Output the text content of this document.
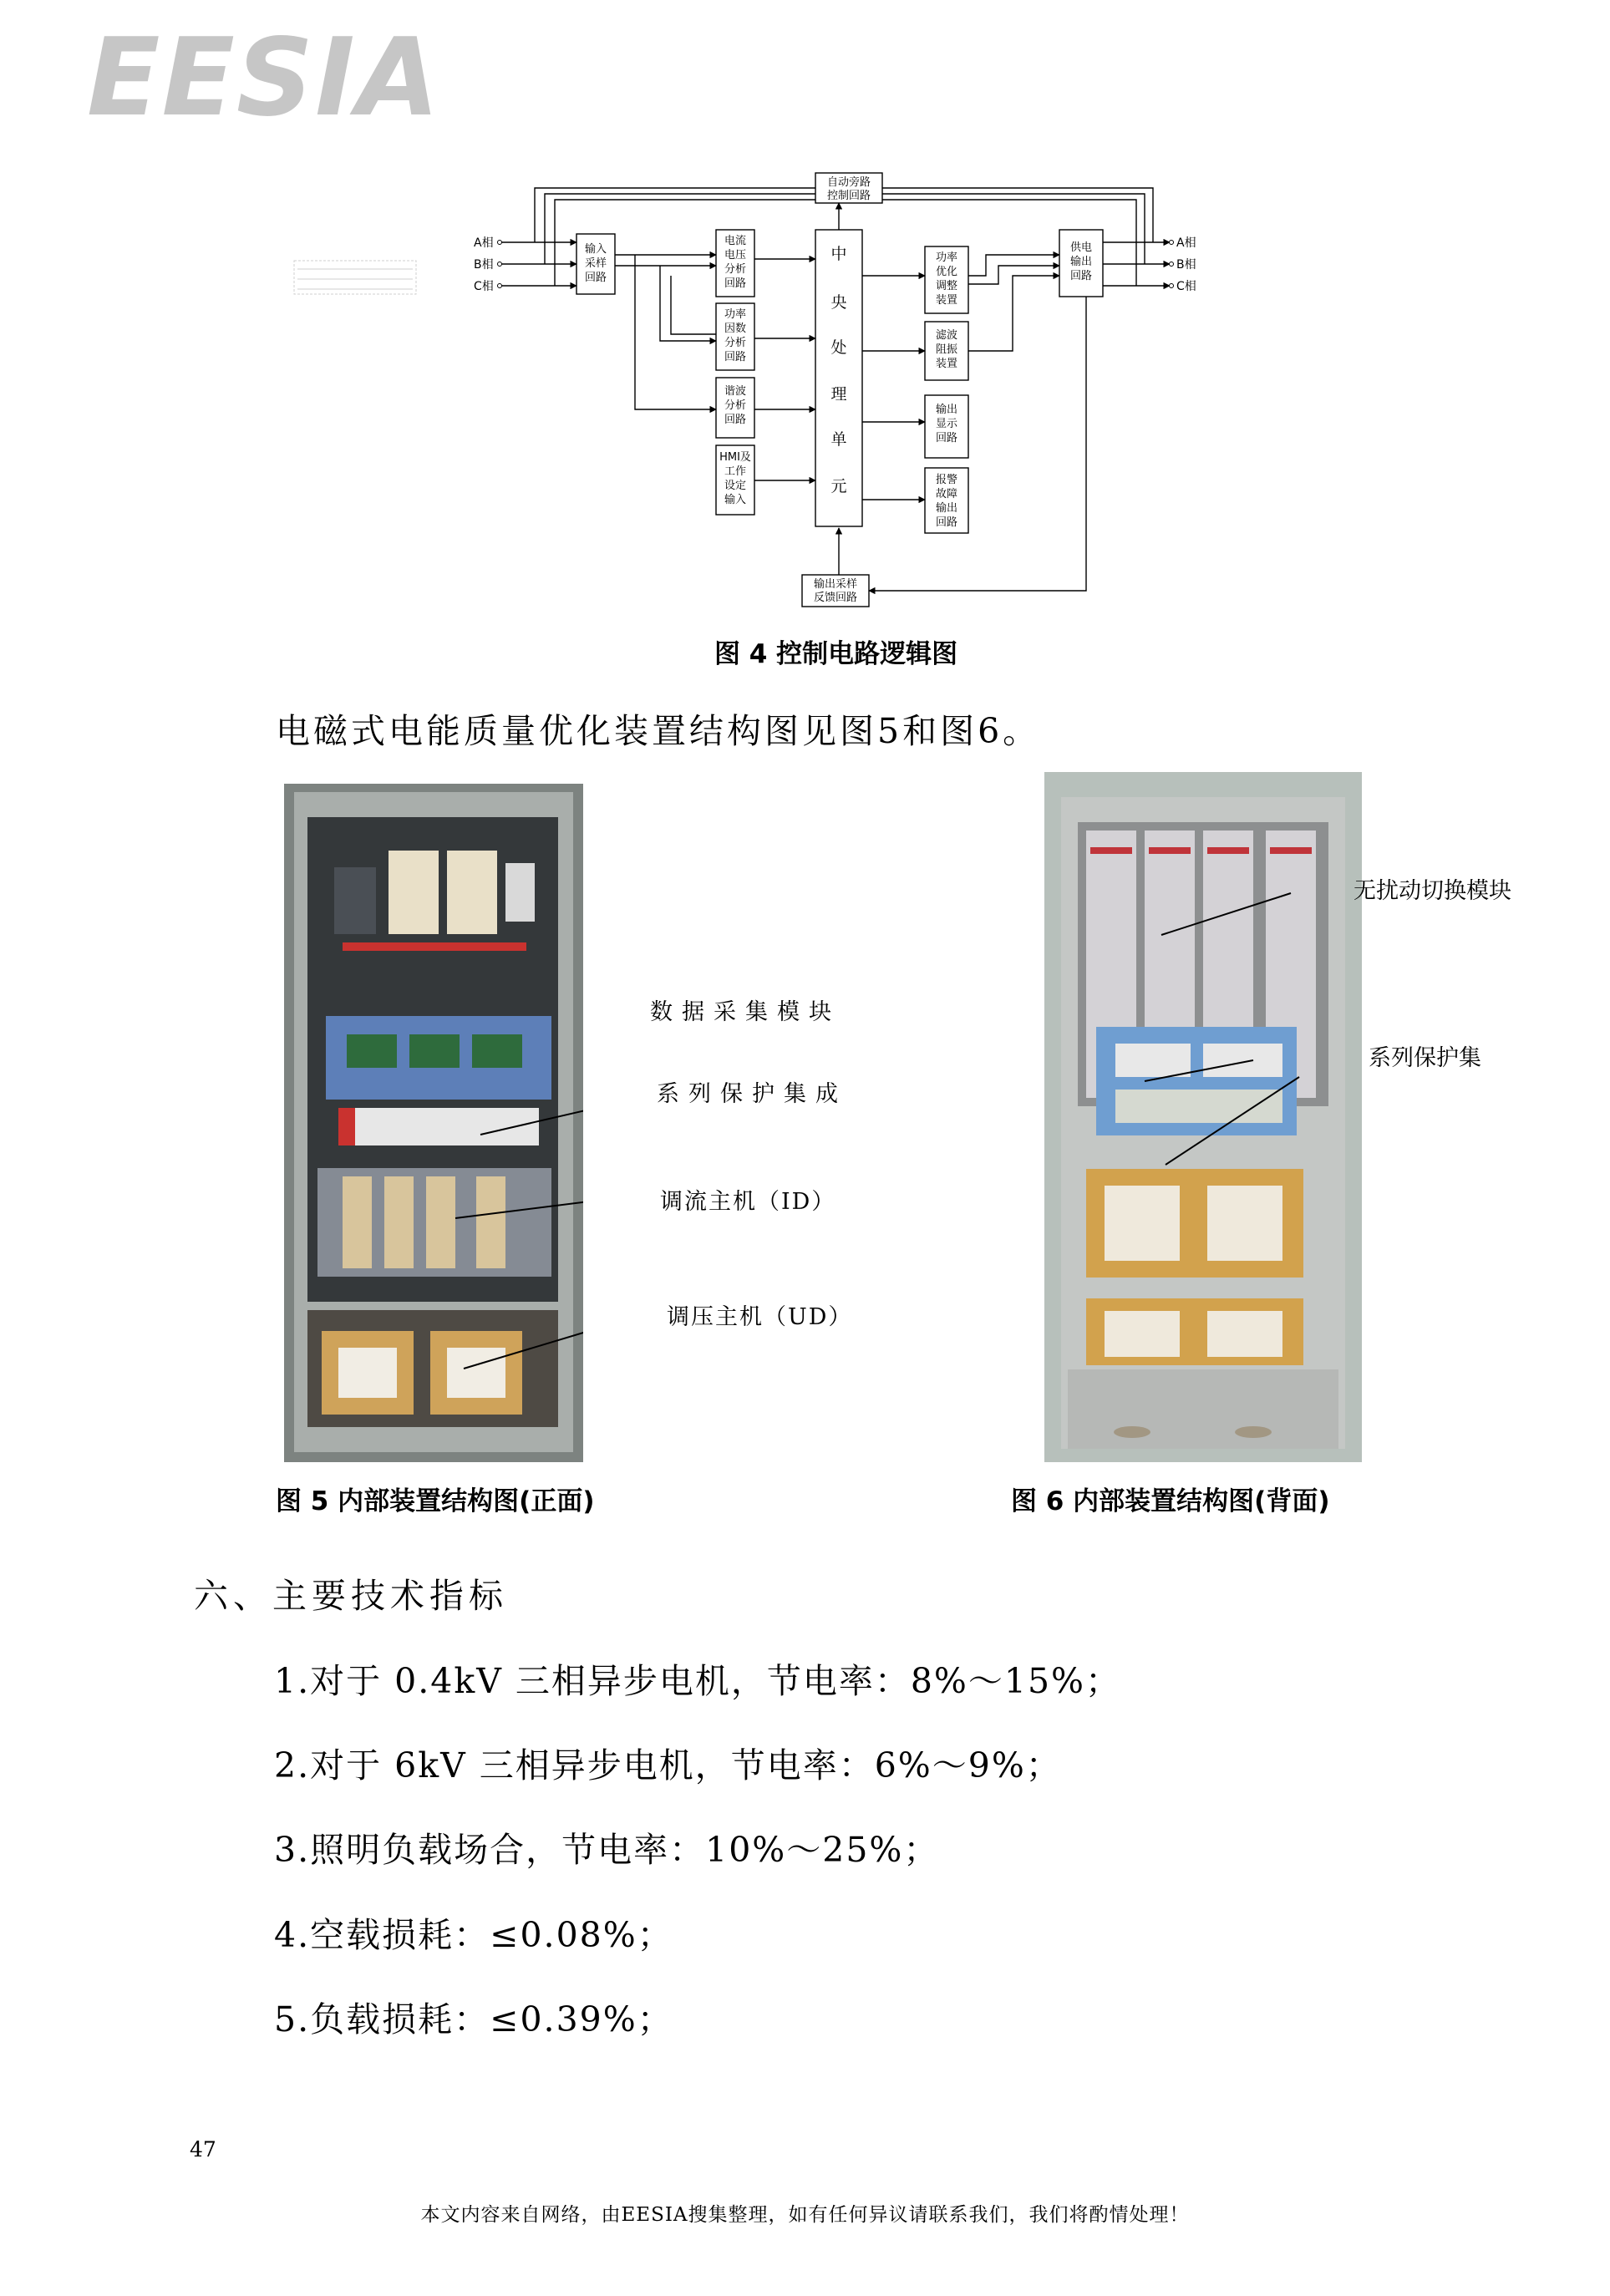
EESIA
A相
B相
C相
A相
B相
C相
自动旁路
控制回路
输入
采样
回路
电流
电压
分析
回路
功率
因数
分析
回路
谐波
分析
回路
HMI及
工作
设定
输入
功率
优化
调整
装置
滤波
阻振
装置
输出
显示
回路
报警
故障
输出
回路
供电
输出
回路
输出采样
反馈回路
中
央
处
理
单
元
图 4 控制电路逻辑图
电磁式电能质量优化装置结构图见图5和图6。
数据采集模块
系列保护集成
调流主机（ID）
调压主机（UD）
无扰动切换模块
系列保护集
图 5 内部装置结构图(正面)	图 6 内部装置结构图(背面)
六、主要技术指标
1.对于 0.4kV 三相异步电机，节电率：8%～15%；
2.对于 6kV 三相异步电机，节电率：6%～9%；
3.照明负载场合，节电率：10%～25%；
4.空载损耗：≤0.08%；
5.负载损耗：≤0.39%；
47
本文内容来自网络，由EESIA搜集整理，如有任何异议请联系我们，我们将酌情处理！
